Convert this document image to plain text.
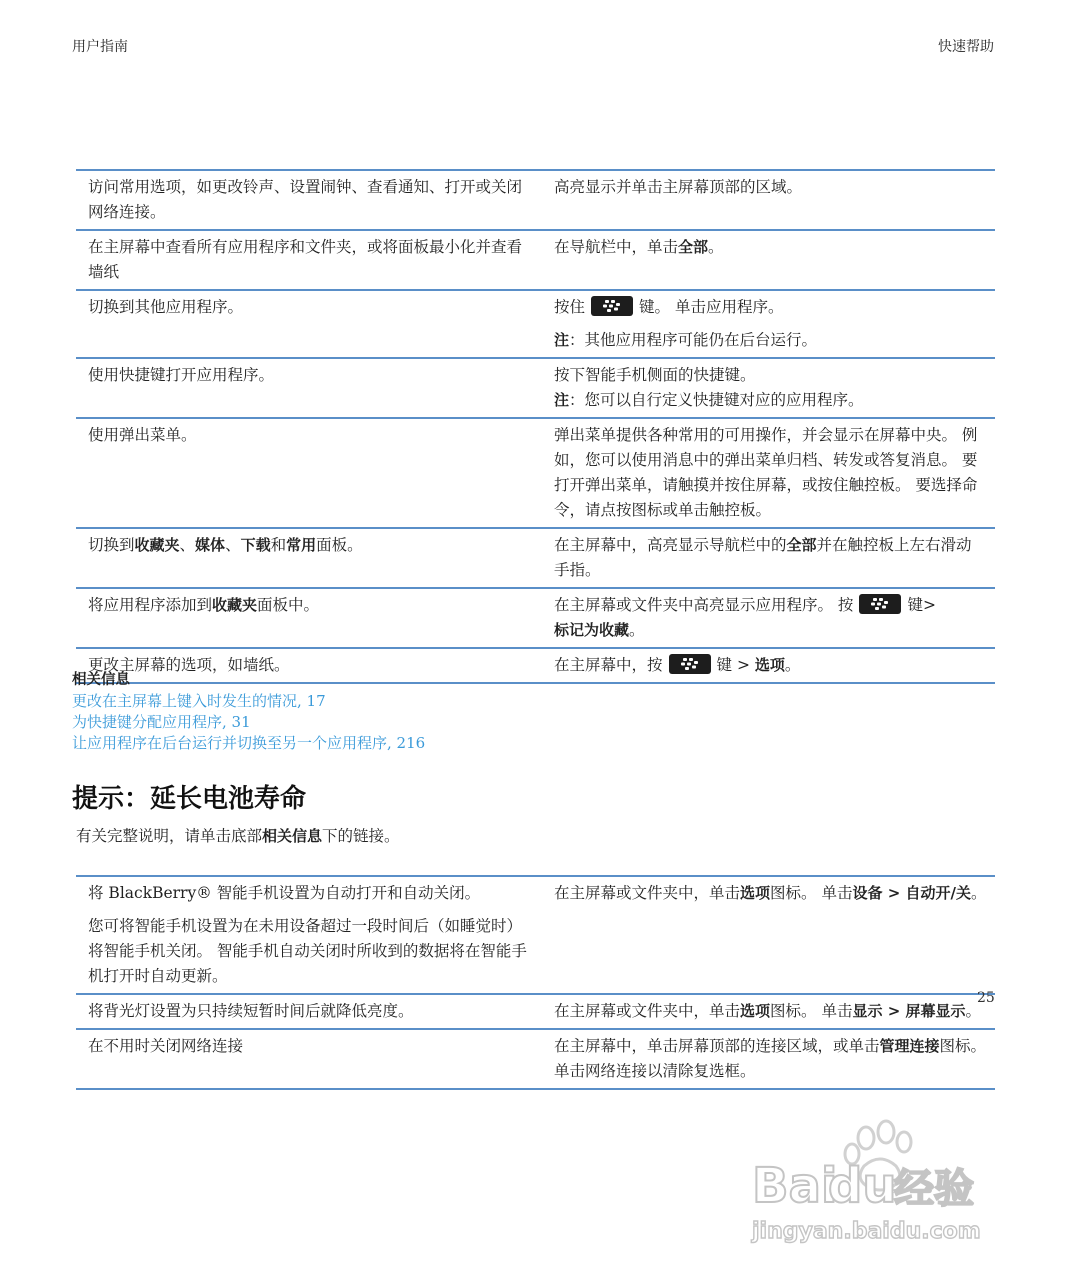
用户指南	快速帮助
访问常用选项，如更改铃声、设置闹钟、查看通知、打开或关闭网络连接。	高亮显示并单击主屏幕顶部的区域。
在主屏幕中查看所有应用程序和文件夹，或将面板最小化并查看墙纸	在导航栏中，单击全部。
切换到其他应用程序。	按住 键。 单击应用程序。

注：其他应用程序可能仍在后台运行。

使用快捷键打开应用程序。	按下智能手机侧面的快捷键。

注：您可以自行定义快捷键对应的应用程序。

使用弹出菜单。	弹出菜单提供各种常用的可用操作，并会显示在屏幕中央。 例如，您可以使用消息中的弹出菜单归档、转发或答复消息。 要打开弹出菜单，请触摸并按住屏幕，或按住触控板。 要选择命令，请点按图标或单击触控板。
切换到收藏夹、媒体、下载和常用面板。	在主屏幕中，高亮显示导航栏中的全部并在触控板上左右滑动手指。
将应用程序添加到收藏夹面板中。	在主屏幕或文件夹中高亮显示应用程序。 按 键>
标记为收藏。
更改主屏幕的选项，如墙纸。	在主屏幕中，按 键 > 选项。
相关信息
更改在主屏幕上键入时发生的情况, 17
为快捷键分配应用程序, 31
让应用程序在后台运行并切换至另一个应用程序, 216
提示：延长电池寿命
有关完整说明，请单击底部相关信息下的链接。

将 BlackBerry® 智能手机设置为自动打开和自动关闭。

您可将智能手机设置为在未用设备超过一段时间后（如睡觉时）将智能手机关闭。 智能手机自动关闭时所收到的数据将在智能手机打开时自动更新。	在主屏幕或文件夹中，单击选项图标。 单击设备 > 自动开/关。
将背光灯设置为只持续短暂时间后就降低亮度。	在主屏幕或文件夹中，单击选项图标。 单击显示 > 屏幕显示。
在不用时关闭网络连接	在主屏幕中，单击屏幕顶部的连接区域，或单击管理连接图标。 单击网络连接以清除复选框。
25
Bai
du
经验
jingyan.baidu.com
